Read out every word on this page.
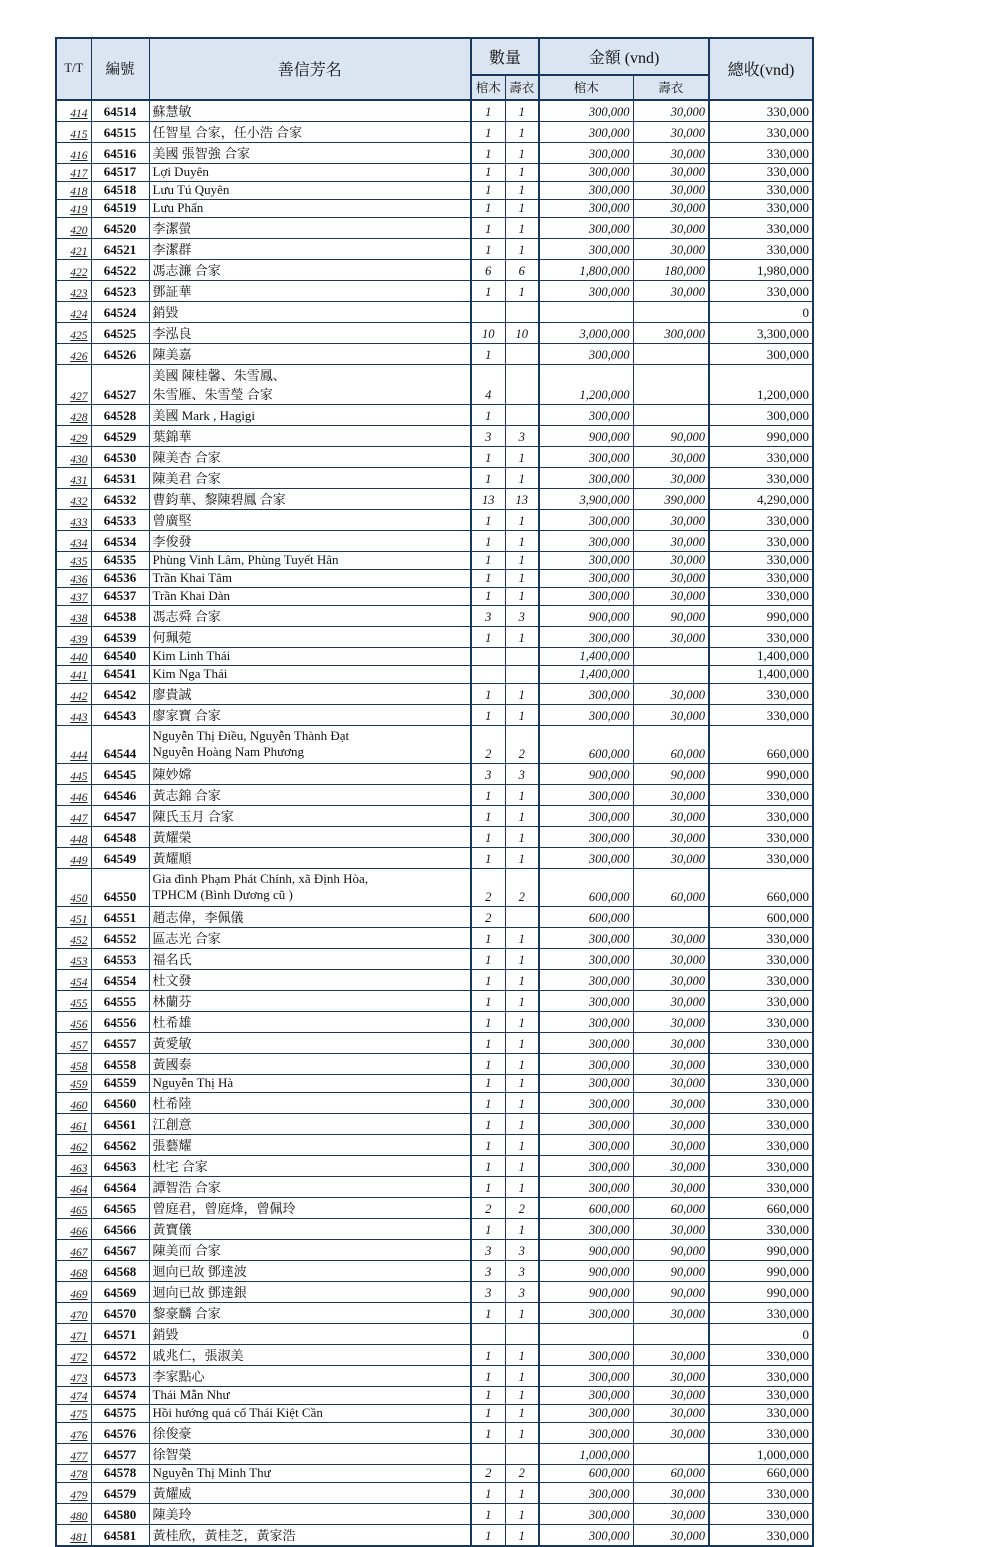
T/T	編號	善信芳名	數量		金額 (vnd)		總收(vnd)
			棺木	壽衣	棺木	壽衣	
414	64514	蘇慧敏	1	1	300,000	30,000	330,000
415	64515	任智星 合家，任小浩 合家	1	1	300,000	30,000	330,000
416	64516	美國 張智強 合家	1	1	300,000	30,000	330,000
417	64517	Lợi Duyên	1	1	300,000	30,000	330,000
418	64518	Lưu Tú Quyên	1	1	300,000	30,000	330,000
419	64519	Lưu Phấn	1	1	300,000	30,000	330,000
420	64520	李潔螢	1	1	300,000	30,000	330,000
421	64521	李潔群	1	1	300,000	30,000	330,000
422	64522	馮志濂 合家	6	6	1,800,000	180,000	1,980,000
423	64523	鄧証華	1	1	300,000	30,000	330,000
424	64524	銷毀					0
425	64525	李泓良	10	10	3,000,000	300,000	3,300,000
426	64526	陳美嘉	1		300,000		300,000
427	64527	美國 陳桂馨、朱雪鳳、
朱雪雁、朱雪瑩 合家	4		1,200,000		1,200,000
428	64528	美國 Mark , Hagigi	1		300,000		300,000
429	64529	葉錦華	3	3	900,000	90,000	990,000
430	64530	陳美杏 合家	1	1	300,000	30,000	330,000
431	64531	陳美君 合家	1	1	300,000	30,000	330,000
432	64532	曹鈞華、黎陳碧鳳 合家	13	13	3,900,000	390,000	4,290,000
433	64533	曾廣堅	1	1	300,000	30,000	330,000
434	64534	李俊發	1	1	300,000	30,000	330,000
435	64535	Phùng Vinh Lâm, Phùng Tuyết Hân	1	1	300,000	30,000	330,000
436	64536	Trần Khai Tâm	1	1	300,000	30,000	330,000
437	64537	Trần Khai Dàn	1	1	300,000	30,000	330,000
438	64538	馮志舜 合家	3	3	900,000	90,000	990,000
439	64539	何珮菀	1	1	300,000	30,000	330,000
440	64540	Kim Linh Thái			1,400,000		1,400,000
441	64541	Kim Nga Thái			1,400,000		1,400,000
442	64542	廖貴誠	1	1	300,000	30,000	330,000
443	64543	廖家寶 合家	1	1	300,000	30,000	330,000
444	64544	Nguyễn Thị Điều, Nguyễn Thành Đạt
Nguyễn Hoàng Nam Phương	2	2	600,000	60,000	660,000
445	64545	陳妙嫦	3	3	900,000	90,000	990,000
446	64546	黃志錦 合家	1	1	300,000	30,000	330,000
447	64547	陳氏玉月 合家	1	1	300,000	30,000	330,000
448	64548	黃耀榮	1	1	300,000	30,000	330,000
449	64549	黃耀順	1	1	300,000	30,000	330,000
450	64550	Gia đình Phạm Phát Chính, xã Định Hòa,
TPHCM (Bình Dương cũ )	2	2	600,000	60,000	660,000
451	64551	趙志偉，李佩儀	2		600,000		600,000
452	64552	區志光 合家	1	1	300,000	30,000	330,000
453	64553	福名氏	1	1	300,000	30,000	330,000
454	64554	杜文發	1	1	300,000	30,000	330,000
455	64555	林蘭芬	1	1	300,000	30,000	330,000
456	64556	杜希雄	1	1	300,000	30,000	330,000
457	64557	黃愛敏	1	1	300,000	30,000	330,000
458	64558	黃國泰	1	1	300,000	30,000	330,000
459	64559	Nguyễn Thị Hà	1	1	300,000	30,000	330,000
460	64560	杜希陸	1	1	300,000	30,000	330,000
461	64561	江創意	1	1	300,000	30,000	330,000
462	64562	張藝耀	1	1	300,000	30,000	330,000
463	64563	杜宅 合家	1	1	300,000	30,000	330,000
464	64564	譚智浩 合家	1	1	300,000	30,000	330,000
465	64565	曾庭君，曾庭烽，曾佩玲	2	2	600,000	60,000	660,000
466	64566	黃寶儀	1	1	300,000	30,000	330,000
467	64567	陳美而 合家	3	3	900,000	90,000	990,000
468	64568	迴向已故 鄧達波	3	3	900,000	90,000	990,000
469	64569	迴向已故 鄧達銀	3	3	900,000	90,000	990,000
470	64570	黎豪麟 合家	1	1	300,000	30,000	330,000
471	64571	銷毀					0
472	64572	戚兆仁，張淑美	1	1	300,000	30,000	330,000
473	64573	李家點心	1	1	300,000	30,000	330,000
474	64574	Thái Mẫn Như	1	1	300,000	30,000	330,000
475	64575	Hồi hướng quá cố Thái Kiệt Cần	1	1	300,000	30,000	330,000
476	64576	徐俊豪	1	1	300,000	30,000	330,000
477	64577	徐智榮			1,000,000		1,000,000
478	64578	Nguyễn Thị Minh Thư	2	2	600,000	60,000	660,000
479	64579	黃耀威	1	1	300,000	30,000	330,000
480	64580	陳美玲	1	1	300,000	30,000	330,000
481	64581	黃桂欣，黃桂芝，黃家浩	1	1	300,000	30,000	330,000
